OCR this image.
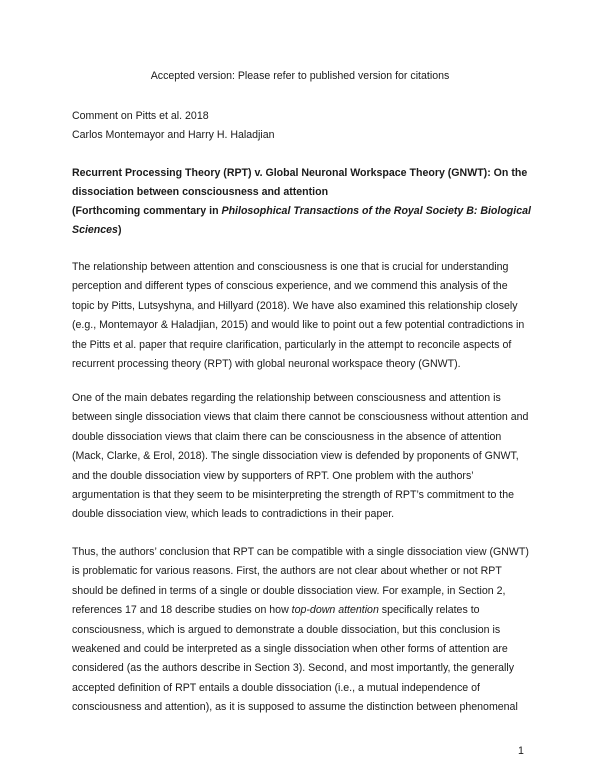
Accepted version: Please refer to published version for citations
Comment on Pitts et al. 2018
Carlos Montemayor and Harry H. Haladjian
Recurrent Processing Theory (RPT) v. Global Neuronal Workspace Theory (GNWT): On the dissociation between consciousness and attention
(Forthcoming commentary in Philosophical Transactions of the Royal Society B: Biological Sciences)
The relationship between attention and consciousness is one that is crucial for understanding perception and different types of conscious experience, and we commend this analysis of the topic by Pitts, Lutsyshyna, and Hillyard (2018). We have also examined this relationship closely (e.g., Montemayor & Haladjian, 2015) and would like to point out a few potential contradictions in the Pitts et al. paper that require clarification, particularly in the attempt to reconcile aspects of recurrent processing theory (RPT) with global neuronal workspace theory (GNWT).
One of the main debates regarding the relationship between consciousness and attention is between single dissociation views that claim there cannot be consciousness without attention and double dissociation views that claim there can be consciousness in the absence of attention (Mack, Clarke, & Erol, 2018). The single dissociation view is defended by proponents of GNWT, and the double dissociation view by supporters of RPT. One problem with the authors’ argumentation is that they seem to be misinterpreting the strength of RPT’s commitment to the double dissociation view, which leads to contradictions in their paper.
Thus, the authors’ conclusion that RPT can be compatible with a single dissociation view (GNWT) is problematic for various reasons. First, the authors are not clear about whether or not RPT should be defined in terms of a single or double dissociation view. For example, in Section 2, references 17 and 18 describe studies on how top-down attention specifically relates to consciousness, which is argued to demonstrate a double dissociation, but this conclusion is weakened and could be interpreted as a single dissociation when other forms of attention are considered (as the authors describe in Section 3). Second, and most importantly, the generally accepted definition of RPT entails a double dissociation (i.e., a mutual independence of consciousness and attention), as it is supposed to assume the distinction between phenomenal
1
